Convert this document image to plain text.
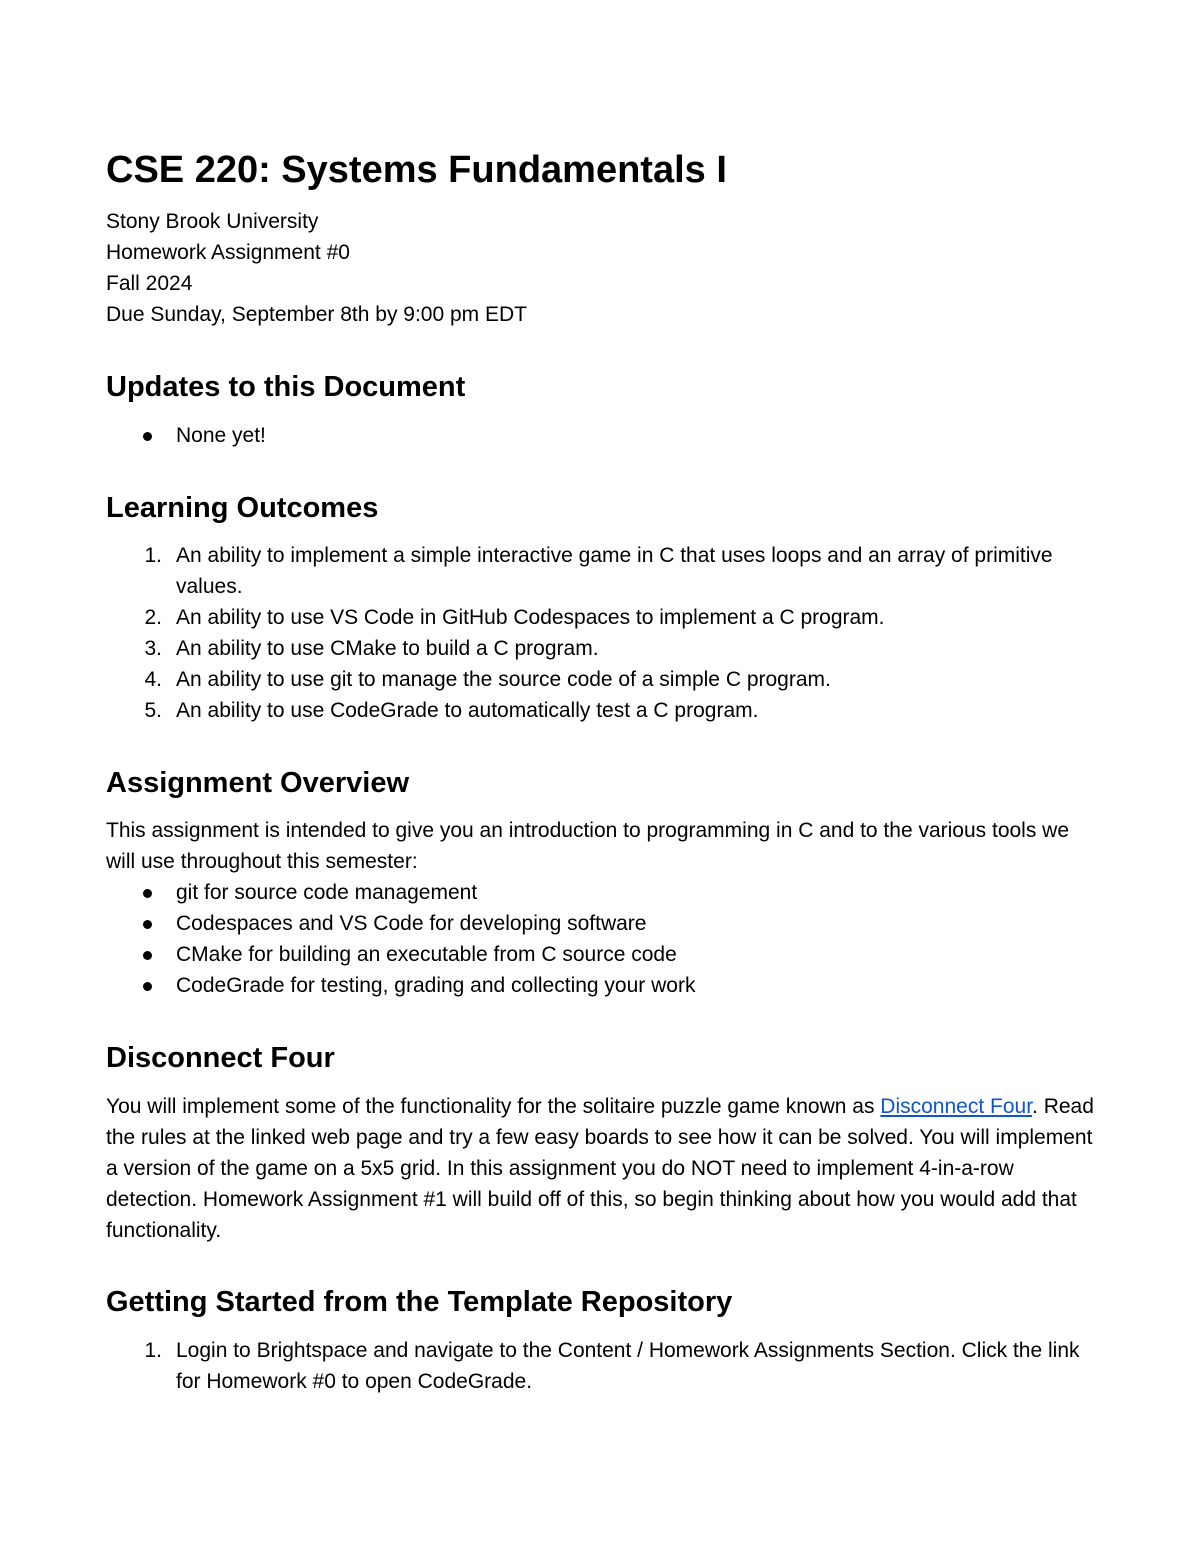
CSE 220: Systems Fundamentals I
Stony Brook University
Homework Assignment #0
Fall 2024
Due Sunday, September 8th by 9:00 pm EDT
Updates to this Document
None yet!
Learning Outcomes
1. An ability to implement a simple interactive game in C that uses loops and an array of primitive values.
2. An ability to use VS Code in GitHub Codespaces to implement a C program.
3. An ability to use CMake to build a C program.
4. An ability to use git to manage the source code of a simple C program.
5. An ability to use CodeGrade to automatically test a C program.
Assignment Overview

This assignment is intended to give you an introduction to programming in C and to the various tools we will use throughout this semester:

git for source code management
Codespaces and VS Code for developing software
CMake for building an executable from C source code
CodeGrade for testing, grading and collecting your work
Disconnect Four

You will implement some of the functionality for the solitaire puzzle game known as Disconnect Four. Read the rules at the linked web page and try a few easy boards to see how it can be solved. You will implement a version of the game on a 5x5 grid. In this assignment you do NOT need to implement 4-in-a-row detection. Homework Assignment #1 will build off of this, so begin thinking about how you would add that functionality.

Getting Started from the Template Repository
1. Login to Brightspace and navigate to the Content / Homework Assignments Section. Click the link for Homework #0 to open CodeGrade.
